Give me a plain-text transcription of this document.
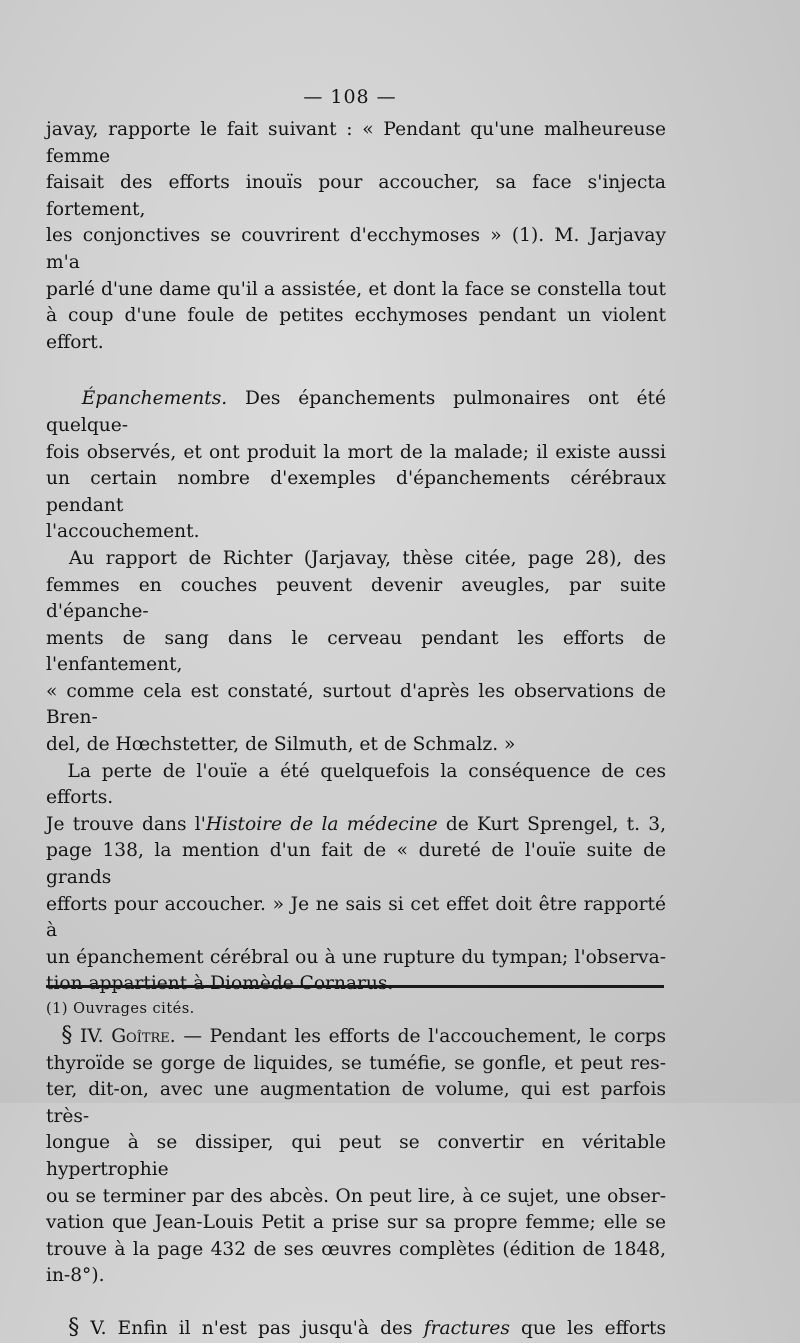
— 108 —

javay, rapporte le fait suivant : « Pendant qu'une malheureuse femme
faisait des efforts inouïs pour accoucher, sa face s'injecta fortement,
les conjonctives se couvrirent d'ecchymoses » (1). M. Jarjavay m'a
parlé d'une dame qu'il a assistée, et dont la face se constella tout
à coup d'une foule de petites ecchymoses pendant un violent effort.

Épanchements. Des épanchements pulmonaires ont été quelque-
fois observés, et ont produit la mort de la malade; il existe aussi
un certain nombre d'exemples d'épanchements cérébraux pendant
l'accouchement.

Au rapport de Richter (Jarjavay, thèse citée, page 28), des
femmes en couches peuvent devenir aveugles, par suite d'épanche-
ments de sang dans le cerveau pendant les efforts de l'enfantement,
« comme cela est constaté, surtout d'après les observations de Bren-
del, de Hœchstetter, de Silmuth, et de Schmalz. »

La perte de l'ouïe a été quelquefois la conséquence de ces efforts.
Je trouve dans l'Histoire de la médecine de Kurt Sprengel, t. 3,
page 138, la mention d'un fait de « dureté de l'ouïe suite de grands
efforts pour accoucher. » Je ne sais si cet effet doit être rapporté à
un épanchement cérébral ou à une rupture du tympan; l'observa-
tion appartient à Diomède Cornarus.

§ IV. Goître. — Pendant les efforts de l'accouchement, le corps
thyroïde se gorge de liquides, se tuméfie, se gonfle, et peut res-
ter, dit-on, avec une augmentation de volume, qui est parfois très-
longue à se dissiper, qui peut se convertir en véritable hypertrophie
ou se terminer par des abcès. On peut lire, à ce sujet, une obser-
vation que Jean-Louis Petit a prise sur sa propre femme; elle se
trouve à la page 432 de ses œuvres complètes (édition de 1848, in-8°).

§ V. Enfin il n'est pas jusqu'à des fractures que les efforts

(1) Ouvrages cités.
